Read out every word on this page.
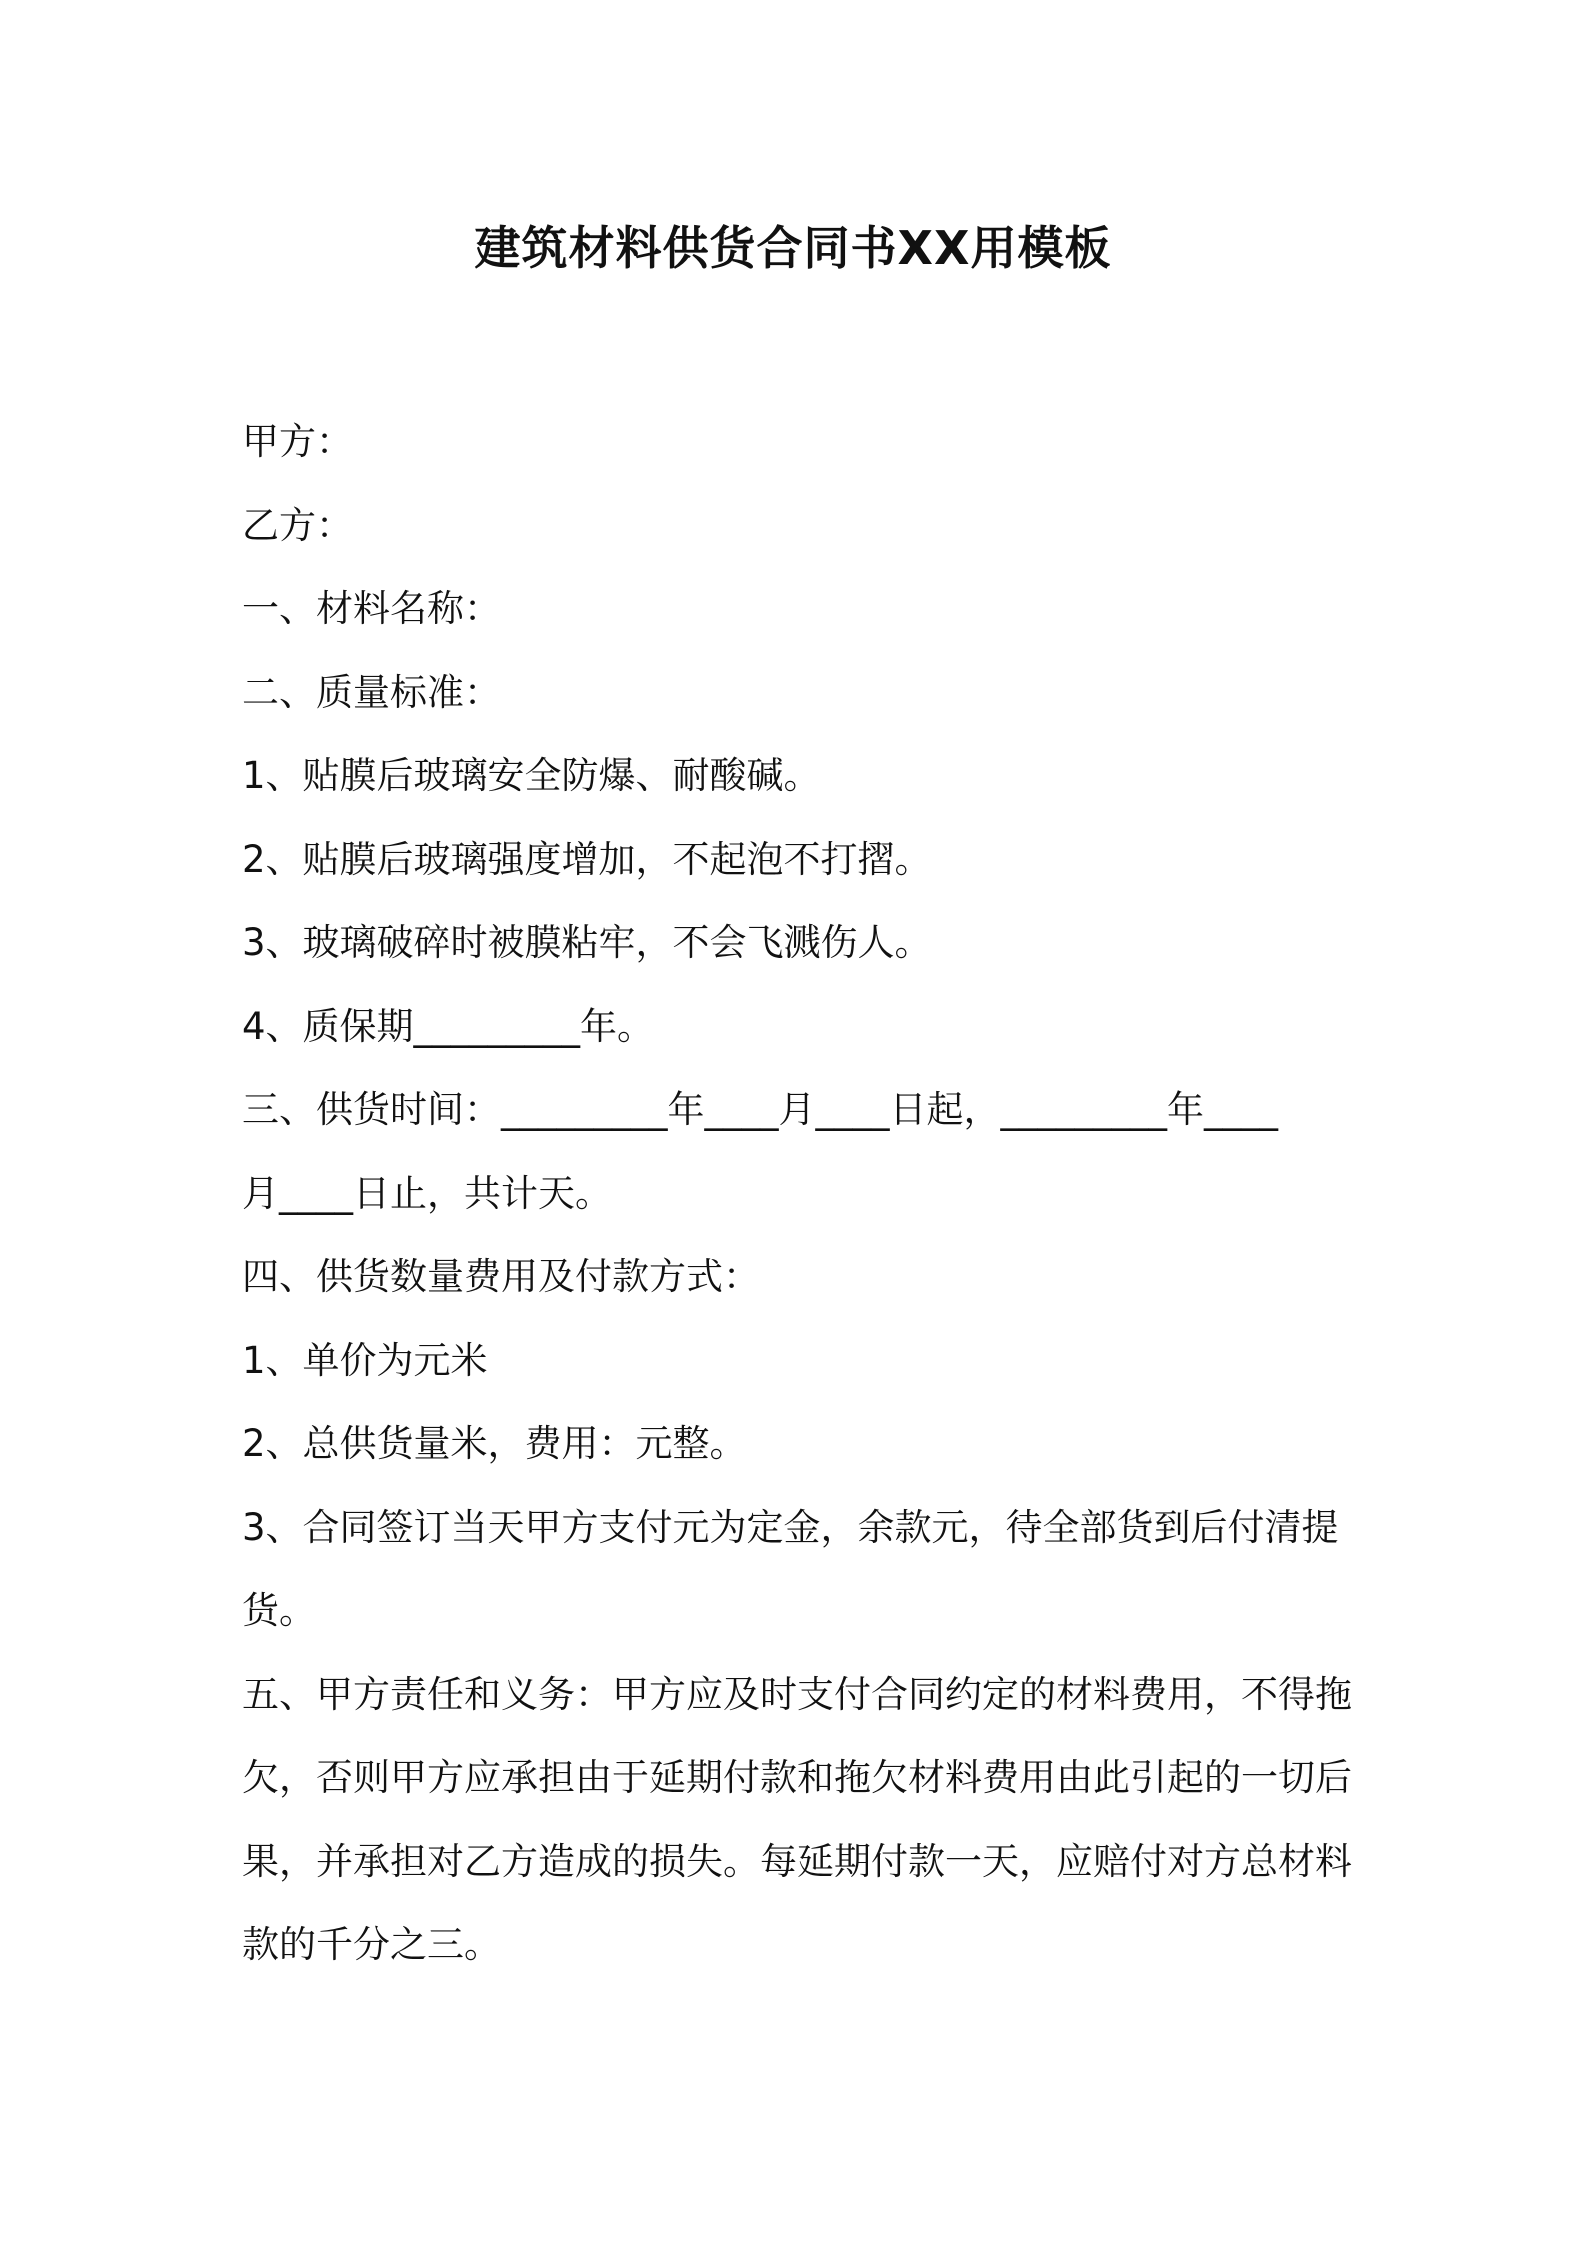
建筑材料供货合同书XX用模板
甲方：
乙方：
一、材料名称：
二、质量标准：
1、贴膜后玻璃安全防爆、耐酸碱。
2、贴膜后玻璃强度增加，不起泡不打摺。
3、玻璃破碎时被膜粘牢，不会飞溅伤人。
4、质保期_________年。
三、供货时间：_________年____月____日起，_________年____
月____日止，共计天。
四、供货数量费用及付款方式：
1、单价为元米
2、总供货量米，费用：元整。
3、合同签订当天甲方支付元为定金，余款元，待全部货到后付清提
货。
五、甲方责任和义务：甲方应及时支付合同约定的材料费用，不得拖
欠，否则甲方应承担由于延期付款和拖欠材料费用由此引起的一切后
果，并承担对乙方造成的损失。每延期付款一天，应赔付对方总材料
款的千分之三。
